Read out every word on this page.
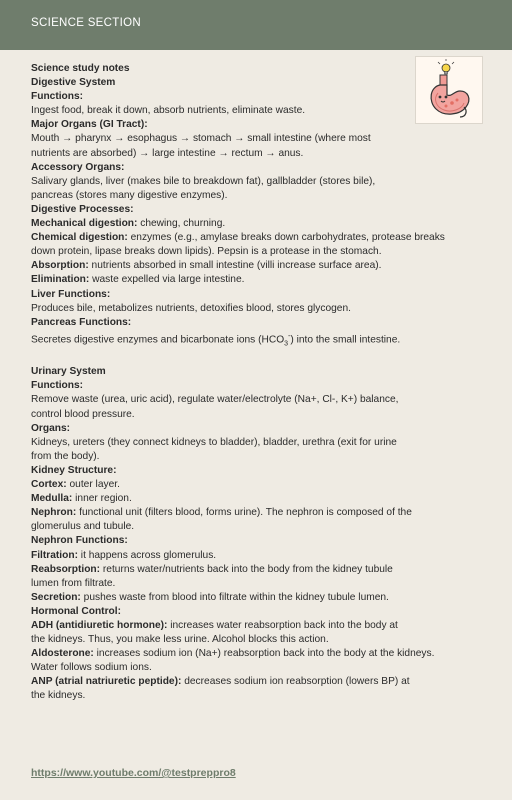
SCIENCE SECTION

Science study notes

Digestive System

Functions:

Ingest food, break it down, absorb nutrients, eliminate waste.

Major Organs (GI Tract):

Mouth → pharynx → esophagus → stomach → small intestine (where most

nutrients are absorbed) → large intestine → rectum → anus.

Accessory Organs:

Salivary glands, liver (makes bile to breakdown fat), gallbladder (stores bile),

pancreas (stores many digestive enzymes).

Digestive Processes:

Mechanical digestion: chewing, churning.

Chemical digestion: enzymes (e.g., amylase breaks down carbohydrates, protease breaks

down protein, lipase breaks down lipids). Pepsin is a protease in the stomach.

Absorption: nutrients absorbed in small intestine (villi increase surface area).

Elimination: waste expelled via large intestine.

Liver Functions:

Produces bile, metabolizes nutrients, detoxifies blood, stores glycogen.

Pancreas Functions:

Secretes digestive enzymes and bicarbonate ions $(HCO_3^-)$ into the small intestine.

Urinary System

Functions:

Remove waste (urea, uric acid), regulate water/electrolyte (Na+, Cl-, K+) balance,

control blood pressure.

Organs:

Kidneys, ureters (they connect kidneys to bladder), bladder, urethra (exit for urine

from the body).

Kidney Structure:

Cortex: outer layer.

Medulla: inner region.

Nephron: functional unit (filters blood, forms urine). The nephron is composed of the

glomerulus and tubule.

Nephron Functions:

Filtration: it happens across glomerulus.

Reabsorption: returns water/nutrients back into the body from the kidney tubule

lumen from filtrate.

Secretion: pushes waste from blood into filtrate within the kidney tubule lumen.

Hormonal Control:

ADH (antidiuretic hormone): increases water reabsorption back into the body at

the kidneys. Thus, you make less urine. Alcohol blocks this action.

Aldosterone: increases sodium ion (Na+) reabsorption back into the body at the kidneys.

Water follows sodium ions.

ANP (atrial natriuretic peptide): decreases sodium ion reabsorption (lowers BP) at

the kidneys.

https://www.youtube.com/@testpreppro8
